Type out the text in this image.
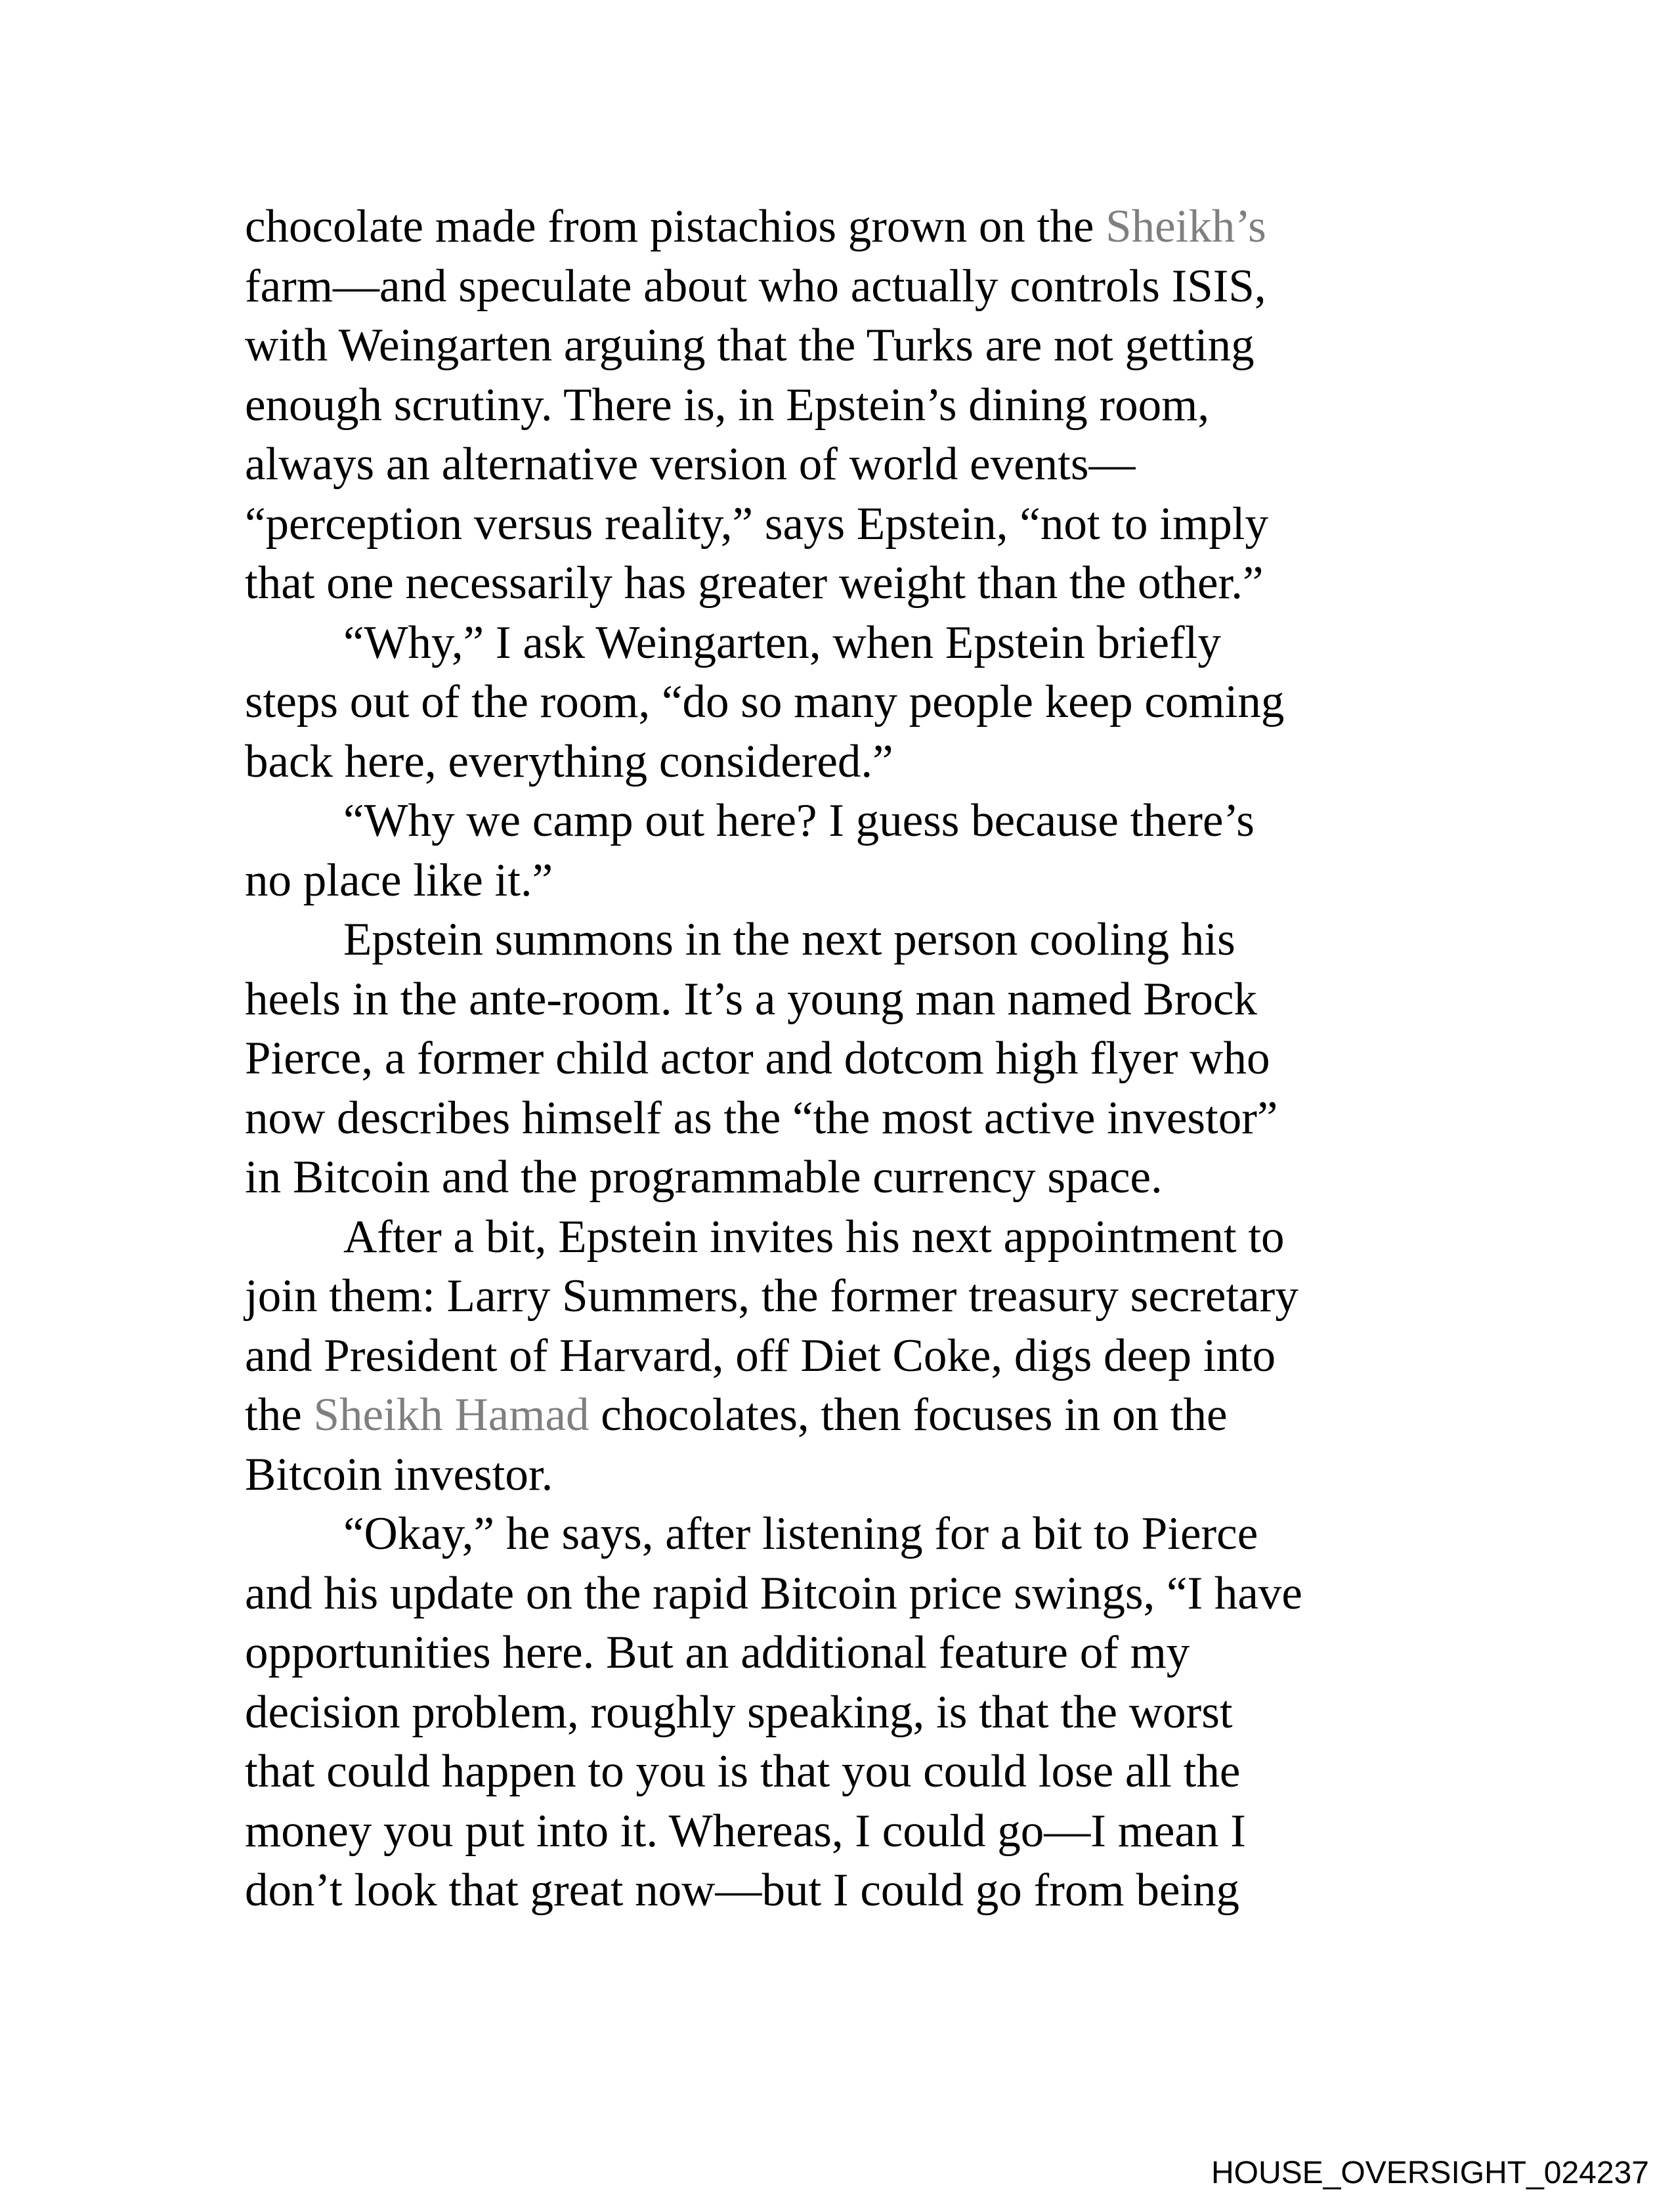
chocolate made from pistachios grown on the Sheikh’s
farm—and speculate about who actually controls ISIS,
with Weingarten arguing that the Turks are not getting
enough scrutiny. There is, in Epstein’s dining room,
always an alternative version of world events—
“perception versus reality,” says Epstein, “not to imply
that one necessarily has greater weight than the other.”
“Why,” I ask Weingarten, when Epstein briefly
steps out of the room, “do so many people keep coming
back here, everything considered.”
“Why we camp out here? I guess because there’s
no place like it.”
Epstein summons in the next person cooling his
heels in the ante-room. It’s a young man named Brock
Pierce, a former child actor and dotcom high flyer who
now describes himself as the “the most active investor”
in Bitcoin and the programmable currency space.
After a bit, Epstein invites his next appointment to
join them: Larry Summers, the former treasury secretary
and President of Harvard, off Diet Coke, digs deep into
the Sheikh Hamad chocolates, then focuses in on the
Bitcoin investor.
“Okay,” he says, after listening for a bit to Pierce
and his update on the rapid Bitcoin price swings, “I have
opportunities here. But an additional feature of my
decision problem, roughly speaking, is that the worst
that could happen to you is that you could lose all the
money you put into it. Whereas, I could go—I mean I
don’t look that great now—but I could go from being
HOUSE_OVERSIGHT_024237
